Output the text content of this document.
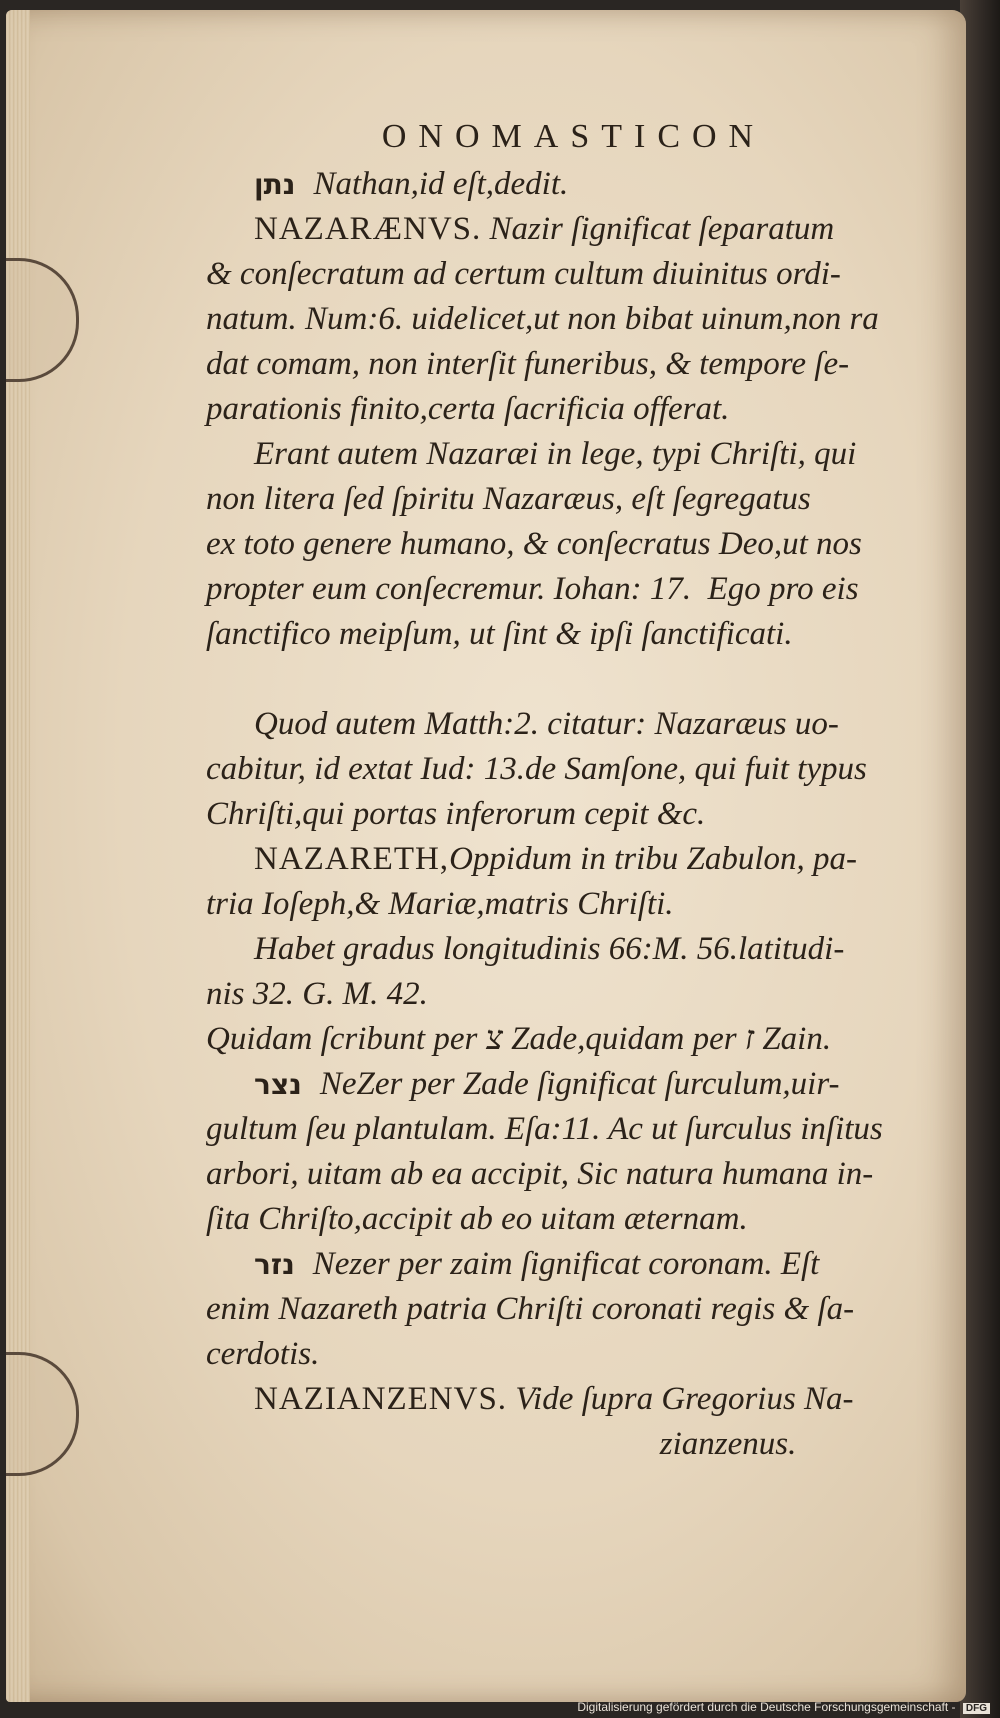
ONOMASTICON
נתן Nathan,id eſt,dedit.
NAZARÆNVS. Nazir ſignificat ſeparatum
& conſecratum ad certum cultum diuinitus ordi-
natum. Num:6. uidelicet,ut non bibat uinum,non ra
dat comam, non interſit funeribus, & tempore ſe-
parationis finito,certa ſacrificia offerat.
Erant autem Nazaræi in lege, typi Chriſti, qui
non litera ſed ſpiritu Nazaræus, eſt ſegregatus
ex toto genere humano, & conſecratus Deo,ut nos
propter eum conſecremur. Iohan: 17.  Ego pro eis
ſanctifico meipſum, ut ſint & ipſi ſanctificati.
Quod autem Matth:2. citatur: Nazaræus uo-
cabitur, id extat Iud: 13.de Samſone, qui fuit typus
Chriſti,qui portas inferorum cepit &c.
NAZARETH,Oppidum in tribu Zabulon, pa-
tria Ioſeph,& Mariæ,matris Chriſti.
Habet gradus longitudinis 66:M. 56.latitudi-
nis 32. G. M. 42.
Quidam ſcribunt per צ Zade,quidam per ז Zain.
נצר NeZer per Zade ſignificat ſurculum,uir-
gultum ſeu plantulam. Eſa:11. Ac ut ſurculus inſitus
arbori, uitam ab ea accipit, Sic natura humana in-
ſita Chriſto,accipit ab eo uitam æternam.
נזר Nezer per zaim ſignificat coronam. Eſt
enim Nazareth patria Chriſti coronati regis & ſa-
cerdotis.
NAZIANZENVS. Vide ſupra Gregorius Na-
zianzenus.
Digitalisierung gefördert durch die Deutsche Forschungsgemeinschaft - DFG
